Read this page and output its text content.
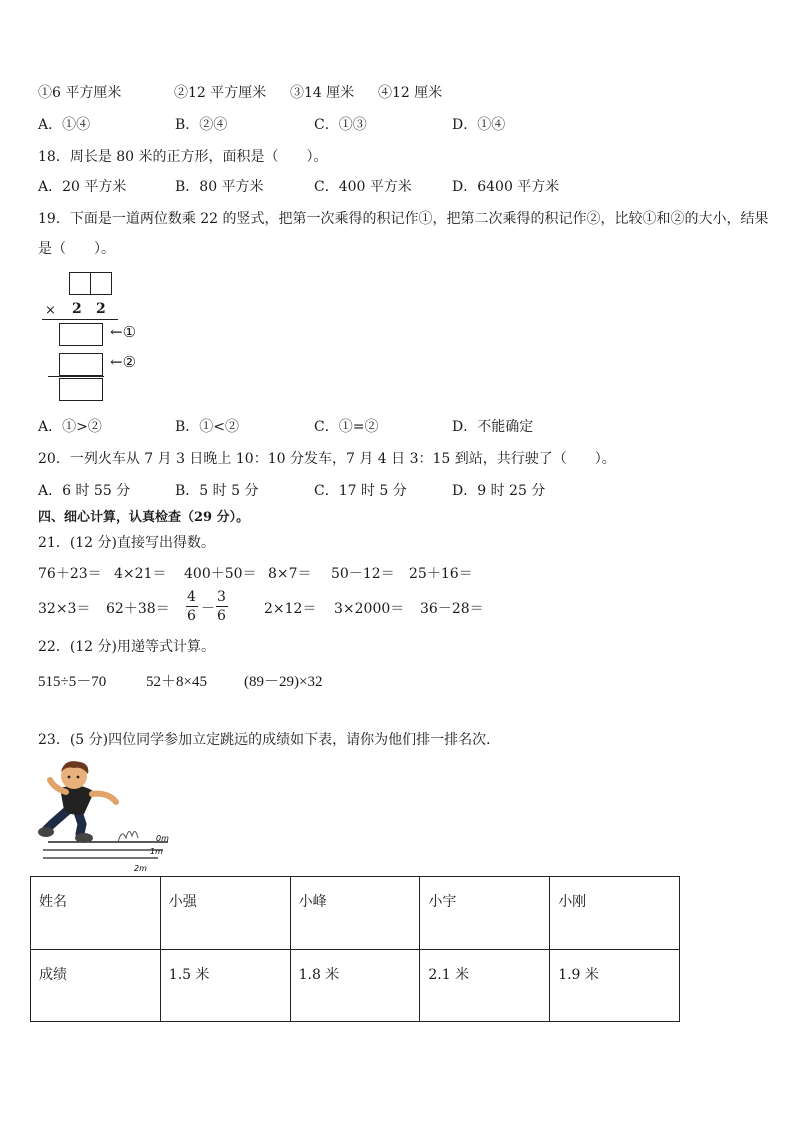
①6 平方厘米	②12 平方厘米 ③14 厘米 ④12 厘米
A．①④	B．②④	C．①③	D．①④
18．周长是 80 米的正方形，面积是（　　）。
A．20 平方米	B．80 平方米	C．400 平方米	D．6400 平方米
19．下面是一道两位数乘 22 的竖式，把第一次乘得的积记作①，把第二次乘得的积记作②，比较①和②的大小，结果
是（　　）。
× 2 2
←①
←②
A．①>②	B．①<②	C．①=②	D．不能确定
20．一列火车从 7 月 3 日晚上 10：10 分发车，7 月 4 日 3：15 到站，共行驶了（　　）。
A．6 时 55 分	B．5 时 5 分	C．17 时 5 分	D．9 时 25 分
四、细心计算，认真检查（29 分）。
21．(12 分)直接写出得数。
76＋23＝ 4×21＝ 400＋50＝ 8×7＝ 50－12＝ 25＋16＝
32×3＝ 62＋38＝
4
6 －
3
6	2×12＝ 3×2000＝ 36－28＝
22．(12 分)用递等式计算。
515÷5－70	52＋8×45 (89－29)×32
23．(5 分)四位同学参加立定跳远的成绩如下表，请你为他们排一排名次．
0m
1m
2m
姓名	小强	小峰	小宇	小刚
成绩	1.5 米	1.8 米	2.1 米	1.9 米
